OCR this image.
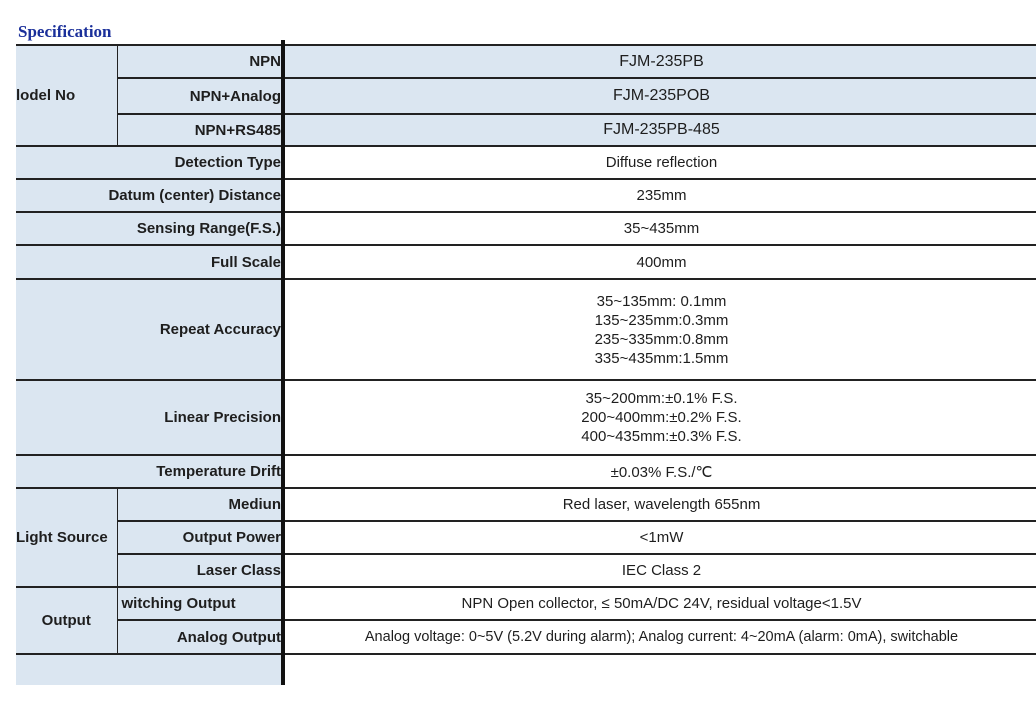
Specification
lodel No	NPN	FJM-235PB
	NPN+Analog	FJM-235POB
	NPN+RS485	FJM-235PB-485
Detection Type		Diffuse reflection
Datum (center) Distance		235mm
Sensing Range(F.S.)		35~435mm
Full Scale		400mm
Repeat Accuracy		35~135mm: 0.1mm
135~235mm:0.3mm
235~335mm:0.8mm
335~435mm:1.5mm

Linear Precision		35~200mm:±0.1% F.S.
200~400mm:±0.2% F.S.
400~435mm:±0.3% F.S.

Temperature Drift		±0.03% F.S./℃
Light Source	Mediun	Red laser, wavelength 655nm
	Output Power	<1mW
	Laser Class	IEC Class 2
Output	witching Output	NPN Open collector, ≤ 50mA/DC 24V, residual voltage<1.5V
	Analog Output	Analog voltage: 0~5V (5.2V during alarm); Analog current: 4~20mA (alarm: 0mA), switchable
